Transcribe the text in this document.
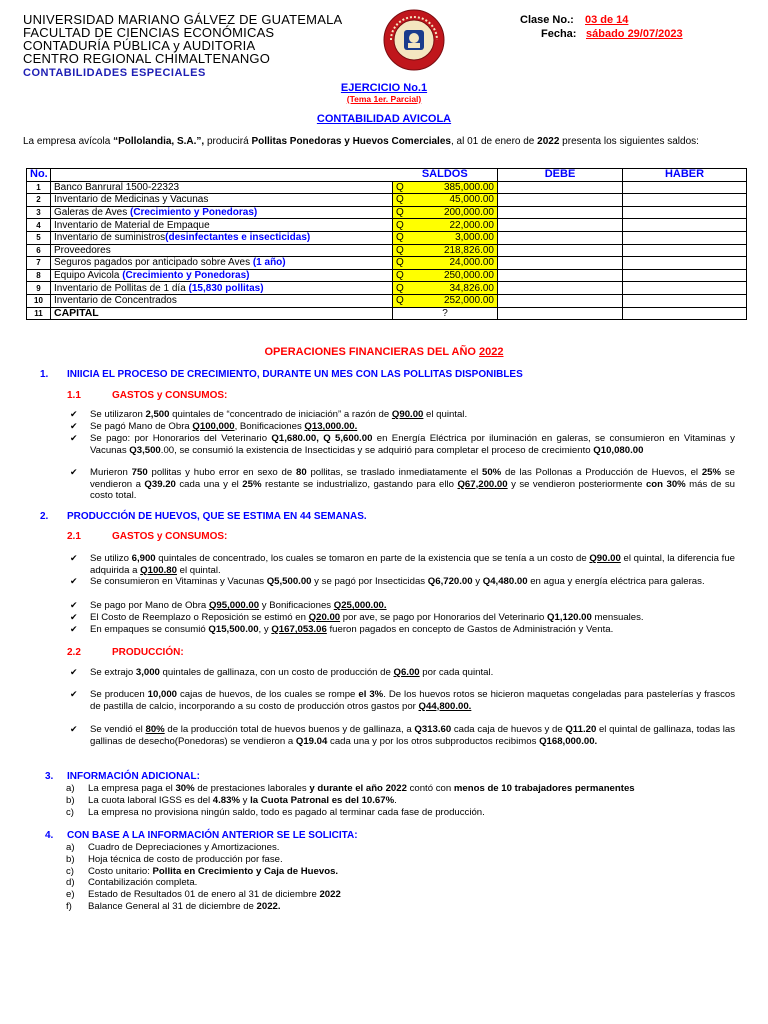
UNIVERSIDAD MARIANO GÁLVEZ DE GUATEMALA
FACULTAD DE CIENCIAS ECONÓMICAS
CONTADURÍA PÚBLICA y AUDITORIA
CENTRO REGIONAL CHIMALTENANGO
CONTABILIDADES ESPECIALES
Clase No.: 03 de 14
Fecha: sábado 29/07/2023
EJERCICIO No.1
(Tema 1er. Parcial)
CONTABILIDAD AVICOLA
La empresa avícola “Pollolandia, S.A.”, producirá Pollitas Ponedoras y Huevos Comerciales, al 01 de enero de 2022 presenta los siguientes saldos:
No.		SALDOS		DEBE	HABER
1	Banco Banrural 1500-22323	Q	385,000.00		
2	Inventario de Medicinas y Vacunas	Q	45,000.00		
3	Galeras de Aves (Crecimiento y Ponedoras)	Q	200,000.00		
4	Inventario de Material de Empaque	Q	22,000.00		
5	Inventario de suministros(desinfectantes e insecticidas)	Q	3,000.00		
6	Proveedores	Q	218,826.00		
7	Seguros pagados por anticipado sobre Aves (1 año)	Q	24,000.00		
8	Equipo Avicola (Crecimiento y Ponedoras)	Q	250,000.00		
9	Inventario de Pollitas de 1 día (15,830 pollitas)	Q	34,826.00		
10	Inventario de Concentrados	Q	252,000.00		
11	CAPITAL	?			
OPERACIONES FINANCIERAS DEL AÑO 2022
1. INIICIA EL PROCESO DE CRECIMIENTO, DURANTE UN MES CON LAS POLLITAS DISPONIBLES
1.1	GASTOS y CONSUMOS:
✔ Se utilizaron 2,500 quintales de “concentrado de iniciación” a razón de Q90.00 el quintal.
✔ Se pagó Mano de Obra Q100,000, Bonificaciones Q13,000.00.
✔ Se pago: por Honorarios del Veterinario Q1,680.00, Q 5,600.00 en Energía Eléctrica por iluminación en galeras, se consumieron en Vitaminas y Vacunas Q3,500.00, se consumió la existencia de Insecticidas y se adquirió para completar el proceso de crecimiento Q10,080.00
✔ Murieron 750 pollitas y hubo error en sexo de 80 pollitas, se traslado inmediatamente el 50% de las Pollonas a Producción de Huevos, el 25% se vendieron a Q39.20 cada una y el 25% restante se industrializo, gastando para ello Q67,200.00 y se vendieron posteriormente con 30% más de su costo total.
2. PRODUCCIÓN DE HUEVOS, QUE SE ESTIMA EN 44 SEMANAS.
2.1	GASTOS y CONSUMOS:
✔ Se utilizo 6,900 quintales de concentrado, los cuales se tomaron en parte de la existencia que se tenía a un costo de Q90.00 el quintal, la diferencia fue adquirida a Q100.80 el quintal.
✔ Se consumieron en Vitaminas y Vacunas Q5,500.00 y se pagó por Insecticidas Q6,720.00 y Q4,480.00 en agua y energía eléctrica para galeras.
✔ Se pago por Mano de Obra Q95,000.00 y Bonificaciones Q25,000.00.
✔ El Costo de Reemplazo o Reposición se estimó en Q20.00 por ave, se pago por Honorarios del Veterinario Q1,120.00 mensuales.
✔ En empaques se consumió Q15,500.00, y Q167,053.06 fueron pagados en concepto de Gastos de Administración y Venta.
2.2	PRODUCCIÓN:
✔ Se extrajo 3,000 quintales de gallinaza, con un costo de producción de Q6.00 por cada quintal.
✔ Se producen 10,000 cajas de huevos, de los cuales se rompe el 3%. De los huevos rotos se hicieron maquetas congeladas para pastelerías y frascos de pastilla de calcio, incorporando a su costo de producción otros gastos por Q44,800.00.
✔ Se vendió el 80% de la producción total de huevos buenos y de gallinaza, a Q313.60 cada caja de huevos y de Q11.20 el quintal de gallinaza, todas las gallinas de desecho(Ponedoras) se vendieron a Q19.04 cada una y por los otros subproductos recibimos Q168,000.00.
3. INFORMACIÓN ADICIONAL:
a) La empresa paga el 30% de prestaciones laborales y durante el año 2022 contó con menos de 10 trabajadores permanentes
b) La cuota laboral IGSS es del 4.83% y la Cuota Patronal es del 10.67%.
c) La empresa no provisiona ningún saldo, todo es pagado al terminar cada fase de producción.
4. CON BASE A LA INFORMACIÓN ANTERIOR SE LE SOLICITA:
a) Cuadro de Depreciaciones y Amortizaciones.
b) Hoja técnica de costo de producción por fase.
c) Costo unitario: Pollita en Crecimiento y Caja de Huevos.
d) Contabilización completa.
e) Estado de Resultados 01 de enero al 31 de diciembre 2022
f) Balance General al 31 de diciembre de 2022.
